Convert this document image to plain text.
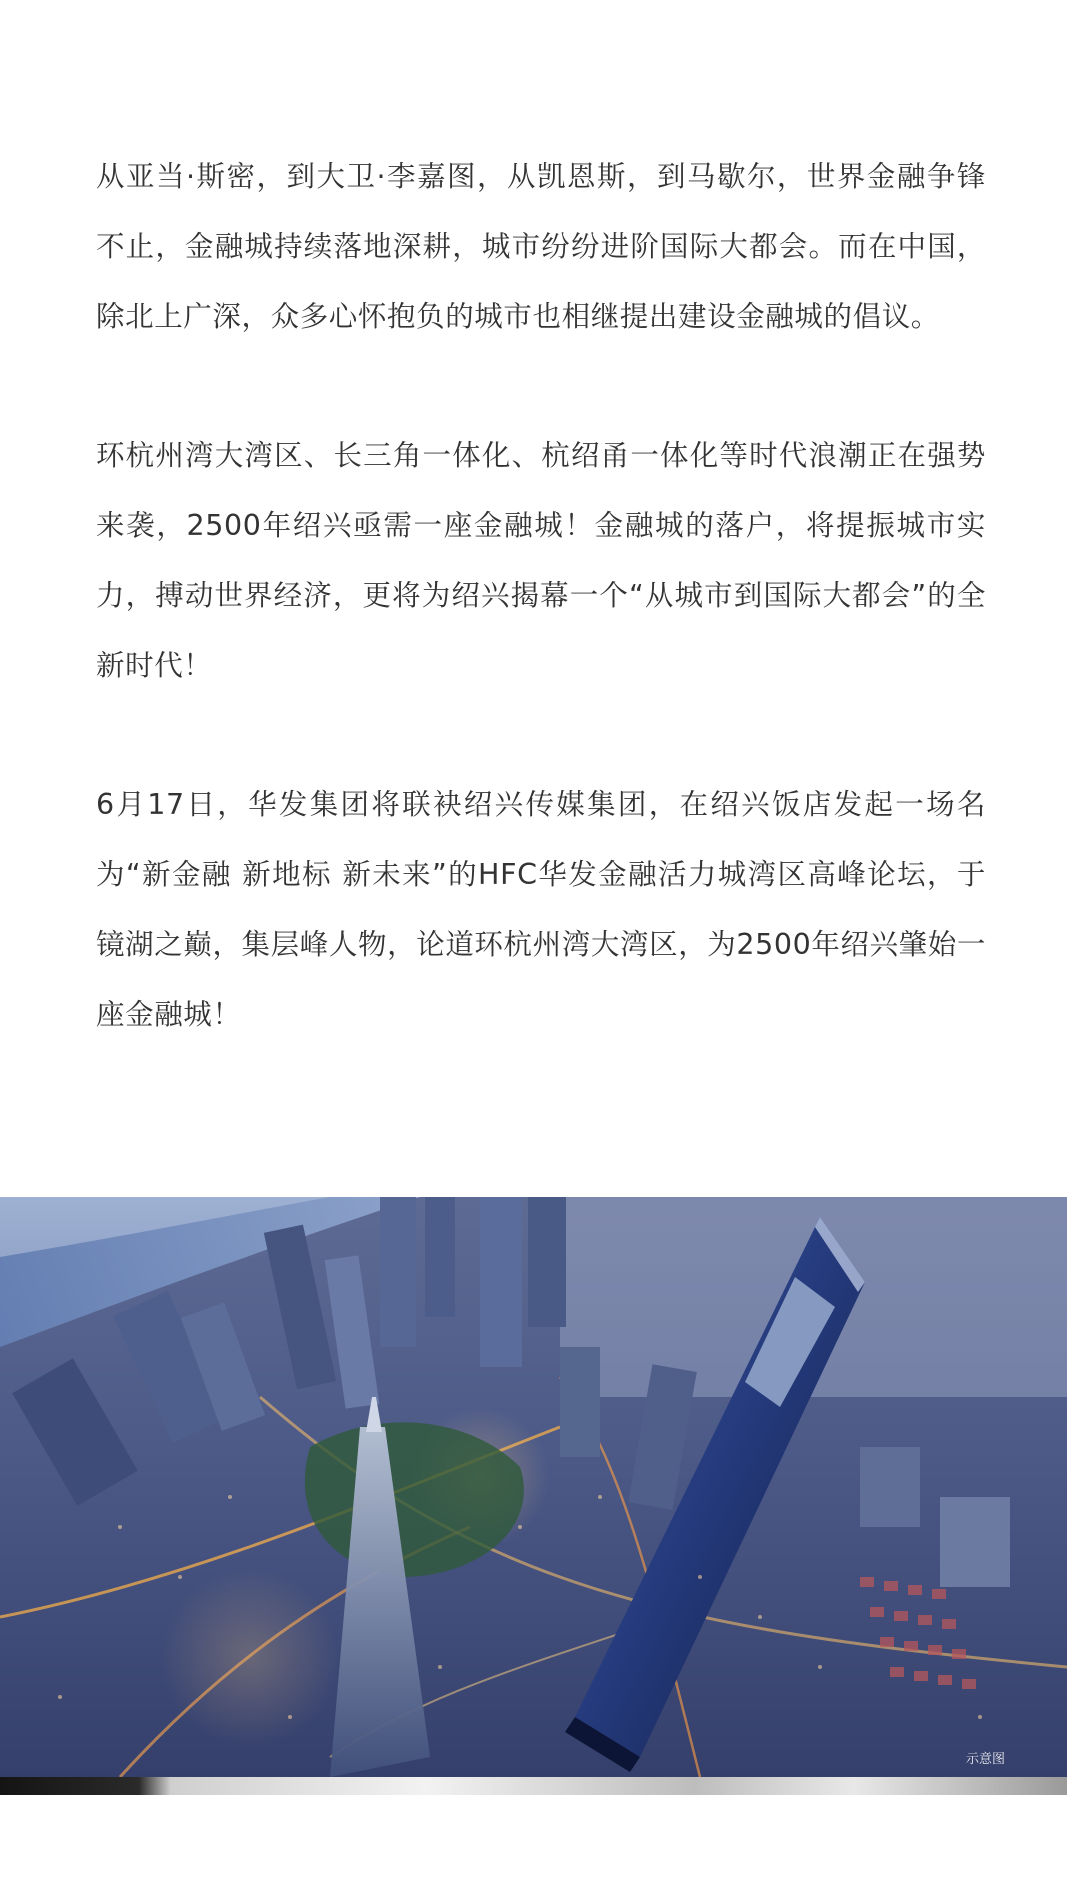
从亚当·斯密，到大卫·李嘉图，从凯恩斯，到马歇尔，世界金融争锋不止，金融城持续落地深耕，城市纷纷进阶国际大都会。而在中国，除北上广深，众多心怀抱负的城市也相继提出建设金融城的倡议。

环杭州湾大湾区、长三角一体化、杭绍甬一体化等时代浪潮正在强势来袭，2500年绍兴亟需一座金融城！金融城的落户，将提振城市实力，搏动世界经济，更将为绍兴揭幕一个“从城市到国际大都会”的全新时代！

6月17日，华发集团将联袂绍兴传媒集团，在绍兴饭店发起一场名为“新金融 新地标 新未来”的HFC华发金融活力城湾区高峰论坛，于镜湖之巅，集层峰人物，论道环杭州湾大湾区，为2500年绍兴肇始一座金融城！

示意图
